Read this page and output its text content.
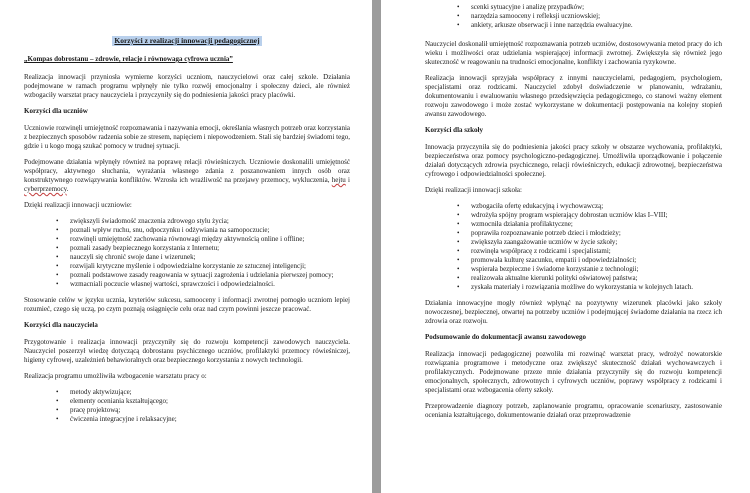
Korzyści z realizacji innowacji pedagogicznej
„Kompas dobrostanu – zdrowie, relacje i równowaga cyfrowa ucznia”

Realizacja innowacji przyniosła wymierne korzyści uczniom, nauczycielowi oraz całej szkole. Działania podejmowane w ramach programu wpłynęły nie tylko rozwój emocjonalny i społeczny dzieci, ale również wzbogaciły warsztat pracy nauczyciela i przyczyniły się do podniesienia jakości pracy placówki.

Korzyści dla uczniów

Uczniowie rozwinęli umiejętność rozpoznawania i nazywania emocji, określania własnych potrzeb oraz korzystania z bezpiecznych sposobów radzenia sobie ze stresem, napięciem i niepowodzeniem. Stali się bardziej świadomi tego, gdzie i u kogo mogą szukać pomocy w trudnej sytuacji.

Podejmowane działania wpłynęły również na poprawę relacji rówieśniczych. Uczniowie doskonalili umiejętność współpracy, aktywnego słuchania, wyrażania własnego zdania z poszanowaniem innych osób oraz konstruktywnego rozwiązywania konfliktów. Wzrosła ich wrażliwość na przejawy przemocy, wykluczenia, hejtu i cyberprzemocy.

Dzięki realizacji innowacji uczniowie:

• zwiększyli świadomość znaczenia zdrowego stylu życia;
• poznali wpływ ruchu, snu, odpoczynku i odżywiania na samopoczucie;
• rozwinęli umiejętność zachowania równowagi między aktywnością online i offline;
• poznali zasady bezpiecznego korzystania z Internetu;
• nauczyli się chronić swoje dane i wizerunek;
• rozwijali krytyczne myślenie i odpowiedzialne korzystanie ze sztucznej inteligencji;
• poznali podstawowe zasady reagowania w sytuacji zagrożenia i udzielania pierwszej pomocy;
• wzmacniali poczucie własnej wartości, sprawczości i odpowiedzialności.

Stosowanie celów w języku ucznia, kryteriów sukcesu, samooceny i informacji zwrotnej pomogło uczniom lepiej rozumieć, czego się uczą, po czym poznają osiągnięcie celu oraz nad czym powinni jeszcze pracować.

Korzyści dla nauczyciela

Przygotowanie i realizacja innowacji przyczyniły się do rozwoju kompetencji zawodowych nauczyciela. Nauczyciel poszerzył wiedzę dotyczącą dobrostanu psychicznego uczniów, profilaktyki przemocy rówieśniczej, higieny cyfrowej, uzależnień behawioralnych oraz bezpiecznego korzystania z nowych technologii.

Realizacja programu umożliwiła wzbogacenie warsztatu pracy o:

• metody aktywizujące;
• elementy oceniania kształtującego;
• pracę projektową;
• ćwiczenia integracyjne i relaksacyjne;
• scenki sytuacyjne i analizę przypadków;
• narzędzia samooceny i refleksji uczniowskiej;
• ankiety, arkusze obserwacji i inne narzędzia ewaluacyjne.

Nauczyciel doskonalił umiejętność rozpoznawania potrzeb uczniów, dostosowywania metod pracy do ich wieku i możliwości oraz udzielania wspierającej informacji zwrotnej. Zwiększyła się również jego skuteczność w reagowaniu na trudności emocjonalne, konflikty i zachowania ryzykowne.

Realizacja innowacji sprzyjała współpracy z innymi nauczycielami, pedagogiem, psychologiem, specjalistami oraz rodzicami. Nauczyciel zdobył doświadczenie w planowaniu, wdrażaniu, dokumentowaniu i ewaluowaniu własnego przedsięwzięcia pedagogicznego, co stanowi ważny element rozwoju zawodowego i może zostać wykorzystane w dokumentacji postępowania na kolejny stopień awansu zawodowego.

Korzyści dla szkoły

Innowacja przyczyniła się do podniesienia jakości pracy szkoły w obszarze wychowania, profilaktyki, bezpieczeństwa oraz pomocy psychologiczno-pedagogicznej. Umożliwiła uporządkowanie i połączenie działań dotyczących zdrowia psychicznego, relacji rówieśniczych, edukacji zdrowotnej, bezpieczeństwa cyfrowego i odpowiedzialności społecznej.

Dzięki realizacji innowacji szkoła:

• wzbogaciła ofertę edukacyjną i wychowawczą;
• wdrożyła spójny program wspierający dobrostan uczniów klas I–VIII;
• wzmocniła działania profilaktyczne;
• poprawiła rozpoznawanie potrzeb dzieci i młodzieży;
• zwiększyła zaangażowanie uczniów w życie szkoły;
• rozwinęła współpracę z rodzicami i specjalistami;
• promowała kulturę szacunku, empatii i odpowiedzialności;
• wspierała bezpieczne i świadome korzystanie z technologii;
• realizowała aktualne kierunki polityki oświatowej państwa;
• zyskała materiały i rozwiązania możliwe do wykorzystania w kolejnych latach.

Działania innowacyjne mogły również wpłynąć na pozytywny wizerunek placówki jako szkoły nowoczesnej, bezpiecznej, otwartej na potrzeby uczniów i podejmującej świadome działania na rzecz ich zdrowia oraz rozwoju.

Podsumowanie do dokumentacji awansu zawodowego

Realizacja innowacji pedagogicznej pozwoliła mi rozwinąć warsztat pracy, wdrożyć nowatorskie rozwiązania programowe i metodyczne oraz zwiększyć skuteczność działań wychowawczych i profilaktycznych. Podejmowane przeze mnie działania przyczyniły się do rozwoju kompetencji emocjonalnych, społecznych, zdrowotnych i cyfrowych uczniów, poprawy współpracy z rodzicami i specjalistami oraz wzbogacenia oferty szkoły.

Przeprowadzenie diagnozy potrzeb, zaplanowanie programu, opracowanie scenariuszy, zastosowanie oceniania kształtującego, dokumentowanie działań oraz przeprowadzenie
